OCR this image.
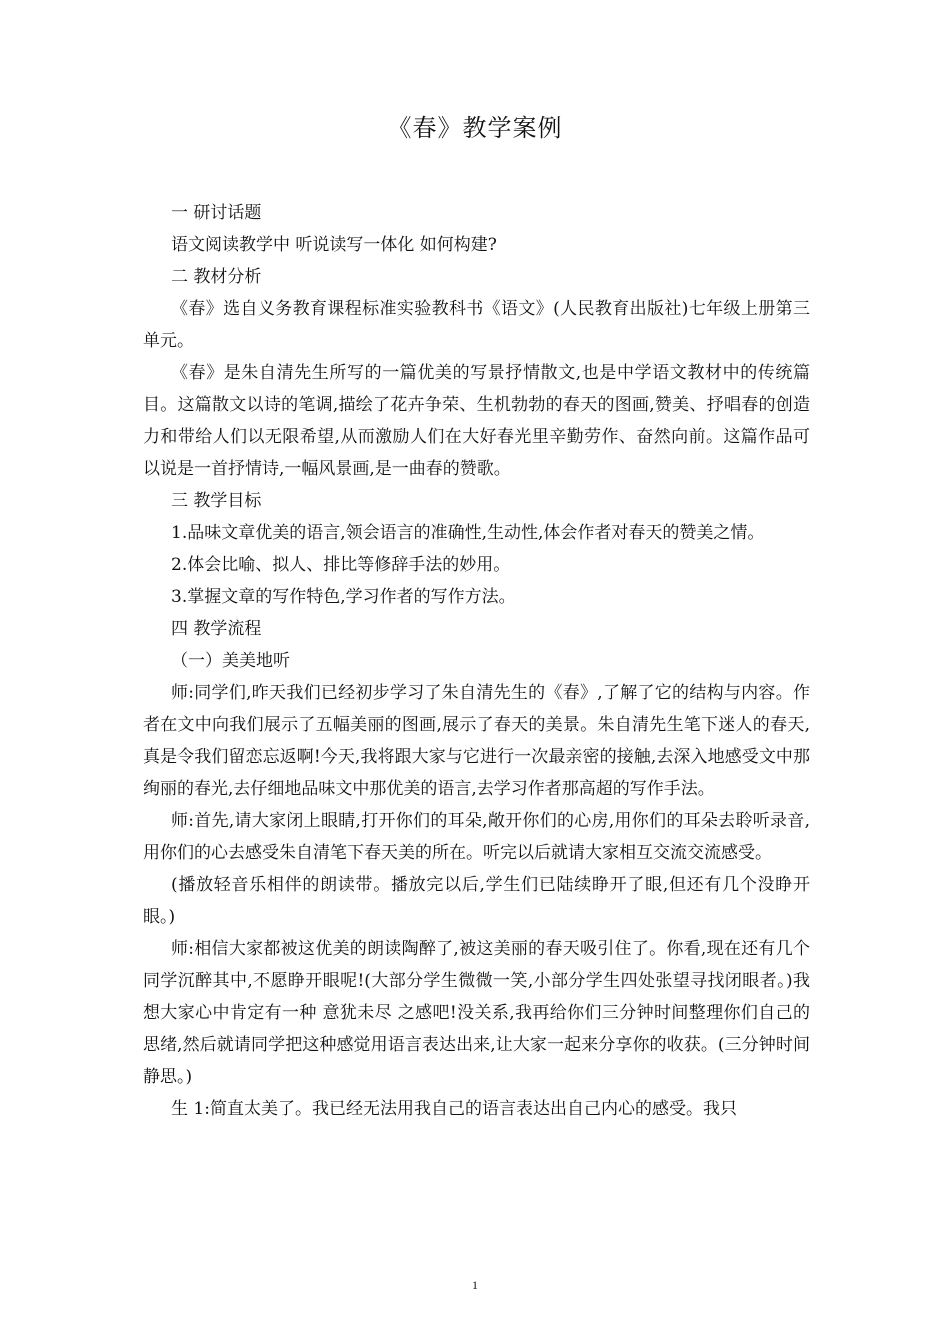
《春》教学案例

一 研讨话题

语文阅读教学中 听说读写一体化 如何构建?

二 教材分析

《春》选自义务教育课程标准实验教科书《语文》(人民教育出版社)七年级上册第三单元。

《春》是朱自清先生所写的一篇优美的写景抒情散文,也是中学语文教材中的传统篇目。这篇散文以诗的笔调,描绘了花卉争荣、生机勃勃的春天的图画,赞美、抒唱春的创造力和带给人们以无限希望,从而激励人们在大好春光里辛勤劳作、奋然向前。这篇作品可以说是一首抒情诗,一幅风景画,是一曲春的赞歌。

三 教学目标

1.品味文章优美的语言,领会语言的准确性,生动性,体会作者对春天的赞美之情。

2.体会比喻、拟人、排比等修辞手法的妙用。

3.掌握文章的写作特色,学习作者的写作方法。

四 教学流程

（一）美美地听

师:同学们,昨天我们已经初步学习了朱自清先生的《春》,了解了它的结构与内容。作者在文中向我们展示了五幅美丽的图画,展示了春天的美景。朱自清先生笔下迷人的春天,真是令我们留恋忘返啊!今天,我将跟大家与它进行一次最亲密的接触,去深入地感受文中那绚丽的春光,去仔细地品味文中那优美的语言,去学习作者那高超的写作手法。

师:首先,请大家闭上眼睛,打开你们的耳朵,敞开你们的心房,用你们的耳朵去聆听录音,用你们的心去感受朱自清笔下春天美的所在。听完以后就请大家相互交流交流感受。

(播放轻音乐相伴的朗读带。播放完以后,学生们已陆续睁开了眼,但还有几个没睁开眼。)

师:相信大家都被这优美的朗读陶醉了,被这美丽的春天吸引住了。你看,现在还有几个同学沉醉其中,不愿睁开眼呢!(大部分学生微微一笑,小部分学生四处张望寻找闭眼者。)我想大家心中肯定有一种 意犹未尽 之感吧!没关系,我再给你们三分钟时间整理你们自己的思绪,然后就请同学把这种感觉用语言表达出来,让大家一起来分享你的收获。(三分钟时间静思。)

生 1:简直太美了。我已经无法用我自己的语言表达出自己内心的感受。我只

1
